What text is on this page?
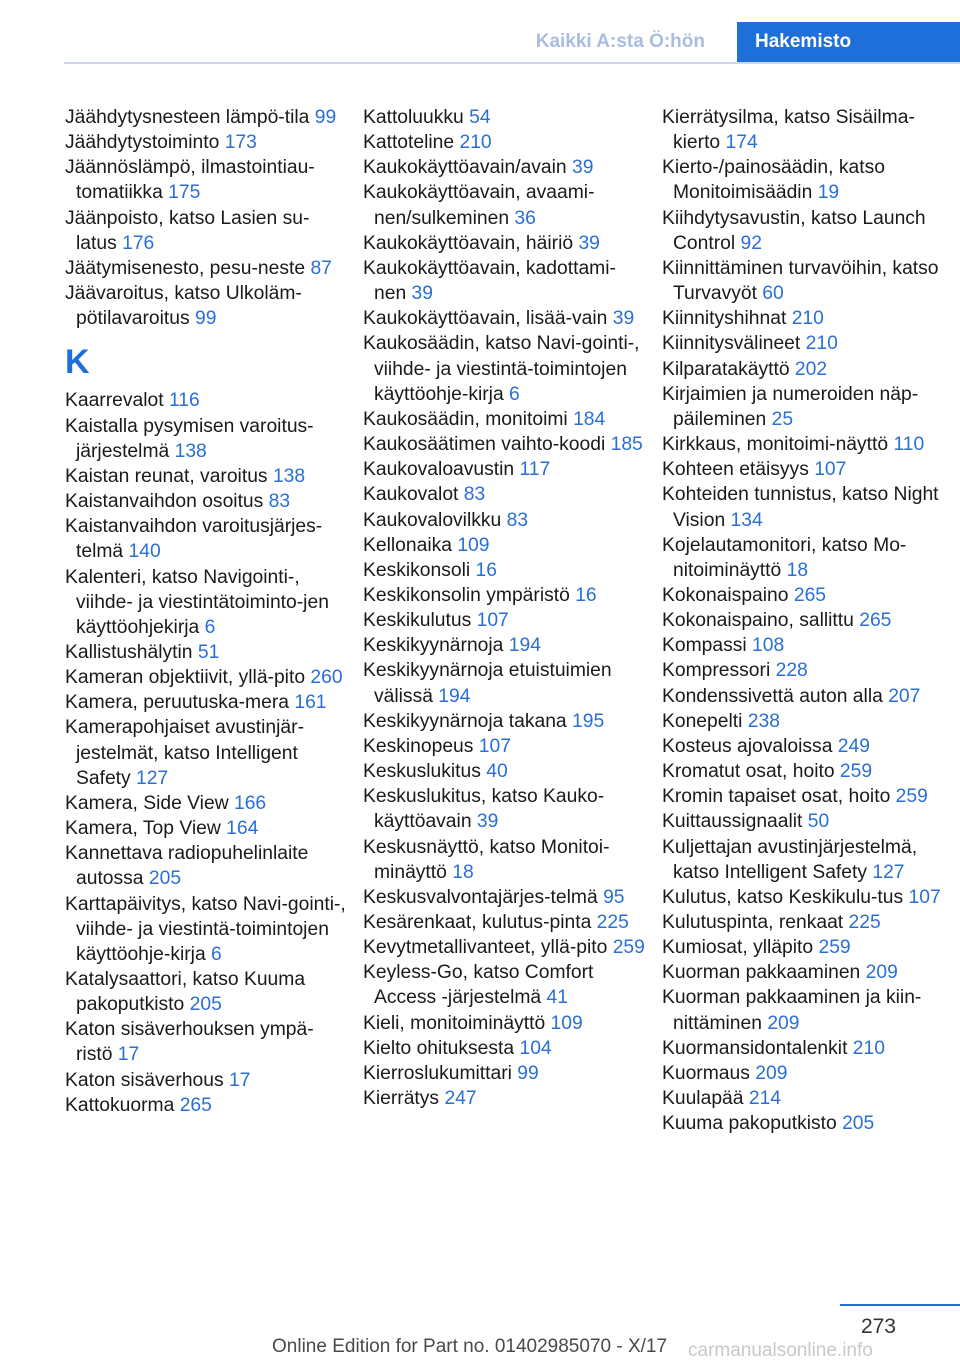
Kaikki A:sta Ö:hön	Hakemisto

Jäähdytysnesteen lämpö-tila 99

Jäähdytystoiminto 173

Jäännöslämpö, ilmastointiau-tomatiikka 175

Jäänpoisto, katso Lasien su-latus 176

Jäätymisenesto, pesu-neste 87

Jäävaroitus, katso Ulkoläm-pötilavaroitus 99

K

Kaarrevalot 116

Kaistalla pysymisen varoitus-järjestelmä 138

Kaistan reunat, varoitus 138

Kaistanvaihdon osoitus 83

Kaistanvaihdon varoitusjärjes-telmä 140

Kalenteri, katso Navigointi-, viihde- ja viestintätoiminto-jen käyttöohjekirja 6

Kallistushälytin 51

Kameran objektiivit, yllä-pito 260

Kamera, peruutuska-mera 161

Kamerapohjaiset avustinjär-jestelmät, katso Intelligent Safety 127

Kamera, Side View 166

Kamera, Top View 164

Kannettava radiopuhelinlaite autossa 205

Karttapäivitys, katso Navi-gointi-, viihde- ja viestintä-toimintojen käyttöohje-kirja 6

Katalysaattori, katso Kuuma pakoputkisto 205

Katon sisäverhouksen ympä-ristö 17

Katon sisäverhous 17

Kattokuorma 265

Kattoluukku 54

Kattoteline 210

Kaukokäyttöavain/avain 39

Kaukokäyttöavain, avaami-nen/sulkeminen 36

Kaukokäyttöavain, häiriö 39

Kaukokäyttöavain, kadottami-nen 39

Kaukokäyttöavain, lisää-vain 39

Kaukosäädin, katso Navi-gointi-, viihde- ja viestintä-toimintojen käyttöohje-kirja 6

Kaukosäädin, monitoimi 184

Kaukosäätimen vaihto-koodi 185

Kaukovaloavustin 117

Kaukovalot 83

Kaukovalovilkku 83

Kellonaika 109

Keskikonsoli 16

Keskikonsolin ympäristö 16

Keskikulutus 107

Keskikyynärnoja 194

Keskikyynärnoja etuistuimien välissä 194

Keskikyynärnoja takana 195

Keskinopeus 107

Keskuslukitus 40

Keskuslukitus, katso Kauko-käyttöavain 39

Keskusnäyttö, katso Monitoi-minäyttö 18

Keskusvalvontajärjes-telmä 95

Kesärenkaat, kulutus-pinta 225

Kevytmetallivanteet, yllä-pito 259

Keyless-Go, katso Comfort Access -järjestelmä 41

Kieli, monitoiminäyttö 109

Kielto ohituksesta 104

Kierroslukumittari 99

Kierrätys 247

Kierrätysilma, katso Sisäilma-kierto 174

Kierto-/painosäädin, katso Monitoimisäädin 19

Kiihdytysavustin, katso Launch Control 92

Kiinnittäminen turvavöihin, katso Turvavyöt 60

Kiinnityshihnat 210

Kiinnitysvälineet 210

Kilparatakäyttö 202

Kirjaimien ja numeroiden näp-päileminen 25

Kirkkaus, monitoimi-näyttö 110

Kohteen etäisyys 107

Kohteiden tunnistus, katso Night Vision 134

Kojelautamonitori, katso Mo-nitoiminäyttö 18

Kokonaispaino 265

Kokonaispaino, sallittu 265

Kompassi 108

Kompressori 228

Kondenssivettä auton alla 207

Konepelti 238

Kosteus ajovaloissa 249

Kromatut osat, hoito 259

Kromin tapaiset osat, hoito 259

Kuittaussignaalit 50

Kuljettajan avustinjärjestelmä, katso Intelligent Safety 127

Kulutus, katso Keskikulu-tus 107

Kulutuspinta, renkaat 225

Kumiosat, ylläpito 259

Kuorman pakkaaminen 209

Kuorman pakkaaminen ja kiin-nittäminen 209

Kuormansidontalenkit 210

Kuormaus 209

Kuulapää 214

Kuuma pakoputkisto 205

273
Online Edition for Part no. 01402985070 - X/17 carmanualsonline.info
